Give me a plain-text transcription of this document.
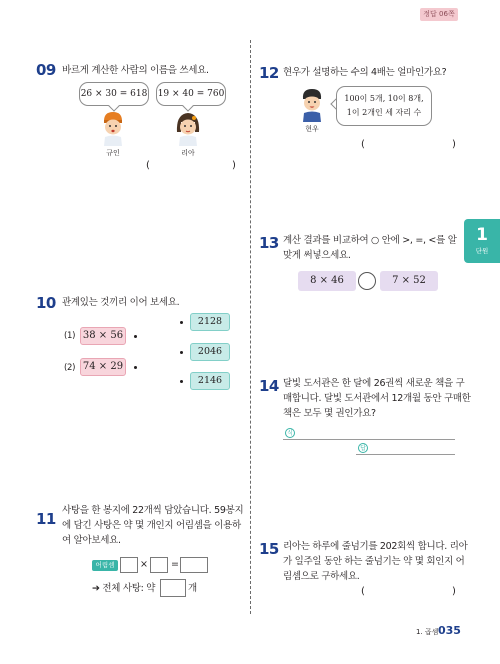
정답 06쪽
09 바르게 계산한 사람의 이름을 쓰세요.
26 × 30 = 618 19 × 40 = 760
규인	리아
(	)
10 관계있는 것끼리 이어 보세요.
(1) 38 × 56
(2) 74 × 29
2128
2046
2146
11 사탕을 한 봉지에 22개씩 담았습니다. 59봉지
에 담긴 사탕은 약 몇 개인지 어림셈을 이용하
여 알아보세요.
어림셈	× =
➔ 전체 사탕: 약	개
12 현우가 설명하는 수의 4배는 얼마인가요?
현우
100이 5개, 10이 8개,
1이 2개인 세 자리 수
(	)
1
단원
13 계산 결과를 비교하여 ○ 안에 >, =, <를 알
맞게 써넣으세요.
8 × 46	7 × 52
14 달빛 도서관은 한 달에 26권씩 새로운 책을 구
매합니다. 달빛 도서관에서 12개월 동안 구매한
책은 모두 몇 권인가요?
식
답
15 리아는 하루에 줄넘기를 202회씩 합니다. 리아
가 일주일 동안 하는 줄넘기는 약 몇 회인지 어
림셈으로 구하세요.
(	)
1. 곱셈 035
